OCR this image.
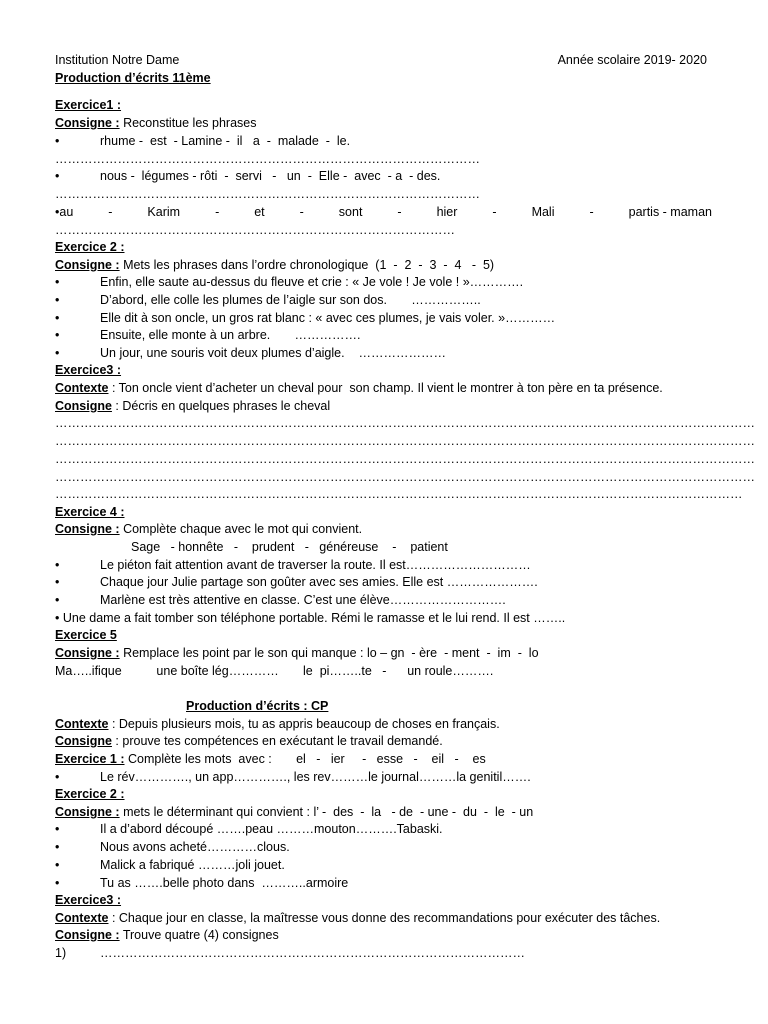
Institution Notre Dame	Année scolaire 2019- 2020
Production d’écrits 11ème
Exercice1 :
Consigne : Reconstitue les phrases
•	rhume -  est  - Lamine -  il   a  -  malade  -  le.
…………………………………………………………………………………………
•	nous -  légumes - rôti  -  servi   -   un  -  Elle -  avec  - a  - des.
…………………………………………………………………………………………
•au	-	Karim	-	et	-	sont	-	hier	-	Mali	-	partis - maman
……………………………………………………………………………………
Exercice 2 :
Consigne : Mets les phrases dans l’ordre chronologique  (1  -  2  -  3  -  4   -  5)
•	Enfin, elle saute au-dessus du fleuve et crie : « Je vole ! Je vole ! »………….
•	D’abord, elle colle les plumes de l’aigle sur son dos.       ……………..
•	Elle dit à son oncle, un gros rat blanc : « avec ces plumes, je vais voler. »…………
•	Ensuite, elle monte à un arbre.       …………….
•	Un jour, une souris voit deux plumes d’aigle.    …………………
Exercice3 :
Contexte : Ton oncle vient d’acheter un cheval pour  son champ. Il vient le montrer à ton père en ta présence.
Consigne : Décris en quelques phrases le cheval
……………………………………………………………………………………………………………………………………………………
……………………………………………………………………………………………………………………………………………………
……………………………………………………………………………………………………………………………………………………
……………………………………………………………………………………………………………………………………………………
…………………………………………………………………………………………………………………………………………………
Exercice 4 :
Consigne : Complète chaque avec le mot qui convient.
Sage   - honnête   -    prudent   -   généreuse    -    patient
•	Le piéton fait attention avant de traverser la route. Il est…………………………
•	Chaque jour Julie partage son goûter avec ses amies. Elle est ………………….
•	Marlène est très attentive en classe. C’est une élève……………………….
• Une dame a fait tomber son téléphone portable. Rémi le ramasse et le lui rend. Il est ……..
Exercice 5
Consigne : Remplace les point par le son qui manque : lo – gn  - ère  - ment  -  im  -  lo
Ma…..ifique          une boîte lég…………       le  pi……..te   -      un roule……….
Production d’écrits : CP
Contexte : Depuis plusieurs mois, tu as appris beaucoup de choses en français.
Consigne : prouve tes compétences en exécutant le travail demandé.
Exercice 1 : Complète les mots  avec :       el   -   ier     -   esse   -    eil   -    es
•	Le rév…………., un app…………., les rev………le journal………la genitil…….
Exercice 2 :
Consigne : mets le déterminant qui convient : l’ -  des  -  la   - de  - une -  du  -  le  - un
•	Il a d’abord découpé …….peau ………mouton……….Tabaski.
•	Nous avons acheté…………clous.
•	Malick a fabriqué ………joli jouet.
•	Tu as …….belle photo dans  ………..armoire
Exercice3 :
Contexte : Chaque jour en classe, la maîtresse vous donne des recommandations pour exécuter des tâches.
Consigne : Trouve quatre (4) consignes
1)	…………………………………………………………………………………………
